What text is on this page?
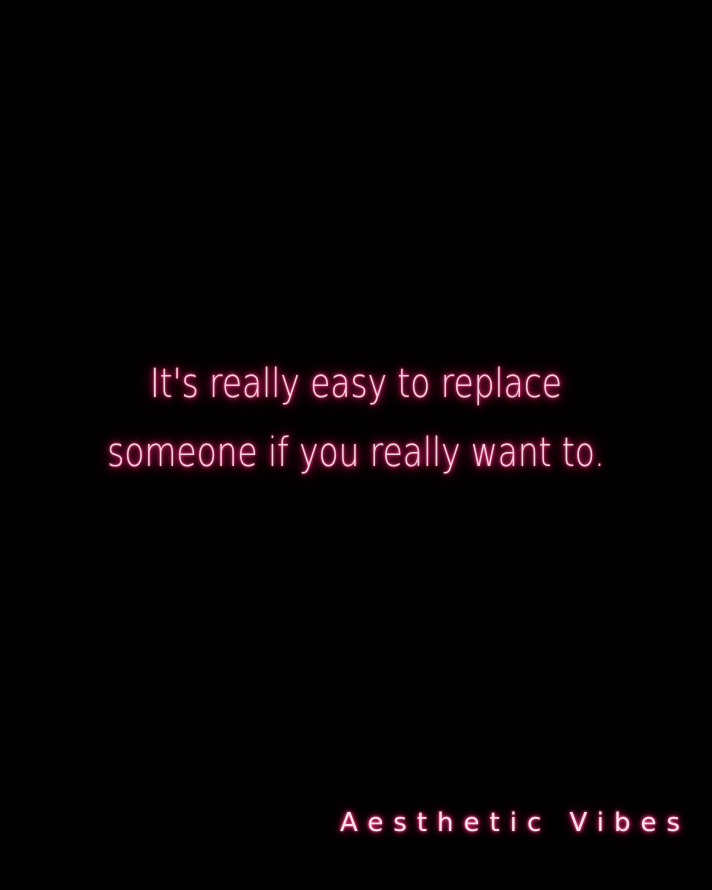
It's really easy to replace
someone if you really want to.
Aesthetic Vibes
